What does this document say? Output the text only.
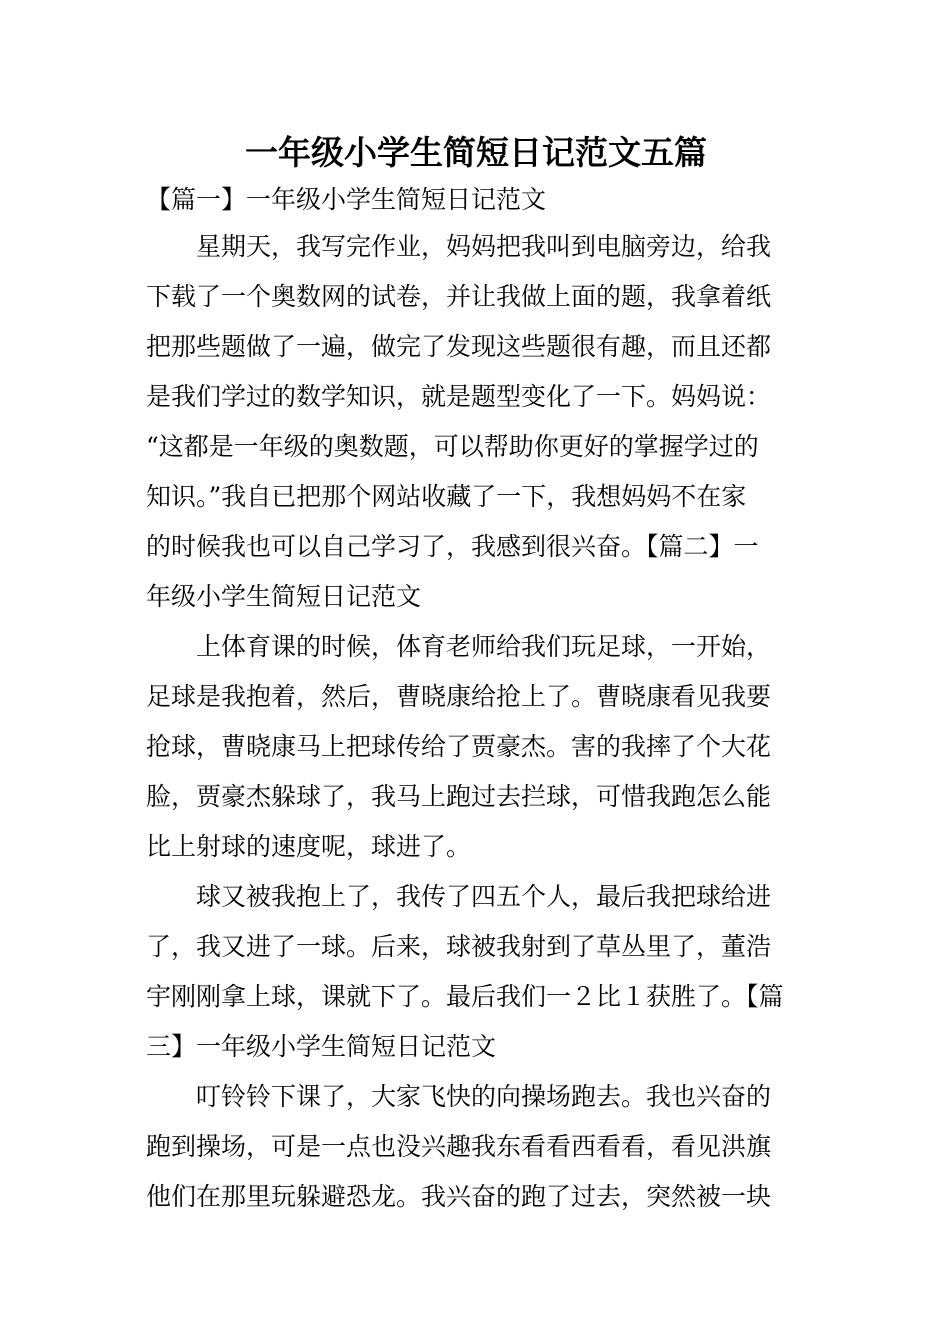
一年级小学生简短日记范文五篇
【篇一】一年级小学生简短日记范文

星期天，我写完作业，妈妈把我叫到电脑旁边，给我
下载了一个奥数网的试卷，并让我做上面的题，我拿着纸
把那些题做了一遍，做完了发现这些题很有趣，而且还都
是我们学过的数学知识，就是题型变化了一下。妈妈说：
“这都是一年级的奥数题，可以帮助你更好的掌握学过的
知识。”我自已把那个网站收藏了一下，我想妈妈不在家
的时候我也可以自己学习了，我感到很兴奋。【篇二】一
年级小学生简短日记范文

上体育课的时候，体育老师给我们玩足球，一开始，
足球是我抱着，然后，曹晓康给抢上了。曹晓康看见我要
抢球，曹晓康马上把球传给了贾豪杰。害的我摔了个大花
脸，贾豪杰躲球了，我马上跑过去拦球，可惜我跑怎么能
比上射球的速度呢，球进了。

球又被我抱上了，我传了四五个人，最后我把球给进
了，我又进了一球。后来，球被我射到了草丛里了，董浩
宇刚刚拿上球，课就下了。最后我们一２比１获胜了。【篇
三】一年级小学生简短日记范文

叮铃铃下课了，大家飞快的向操场跑去。我也兴奋的
跑到操场，可是一点也没兴趣我东看看西看看，看见洪旗
他们在那里玩躲避恐龙。我兴奋的跑了过去，突然被一块
